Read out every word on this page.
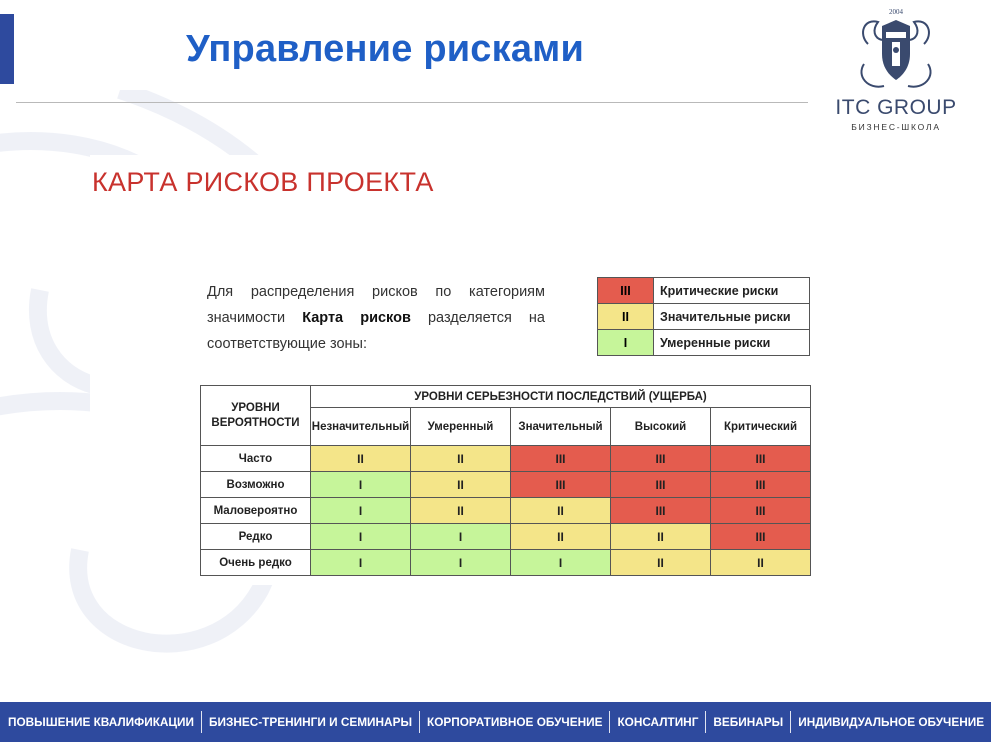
Управление рисками
2004
ITC GROUP
БИЗНЕС-ШКОЛА
КАРТА РИСКОВ ПРОЕКТА

Для распределения рисков по категориям значимости Карта рисков разделяется на соответствующие зоны:

III	Критические риски
II	Значительные риски
I	Умеренные риски
УРОВНИ
ВЕРОЯТНОСТИ	УРОВНИ СЕРЬЕЗНОСТИ ПОСЛЕДСТВИЙ (УЩЕРБА)				
	Незначительный	Умеренный	Значительный	Высокий	Критический
Часто	II	II	III	III	III
Возможно	I	II	III	III	III
Маловероятно	I	II	II	III	III
Редко	I	I	II	II	III
Очень редко	I	I	I	II	II
ПОВЫШЕНИЕ КВАЛИФИКАЦИИ БИЗНЕС-ТРЕНИНГИ И СЕМИНАРЫ КОРПОРАТИВНОЕ ОБУЧЕНИЕ КОНСАЛТИНГ ВЕБИНАРЫ ИНДИВИДУАЛЬНОЕ ОБУЧЕНИЕ
